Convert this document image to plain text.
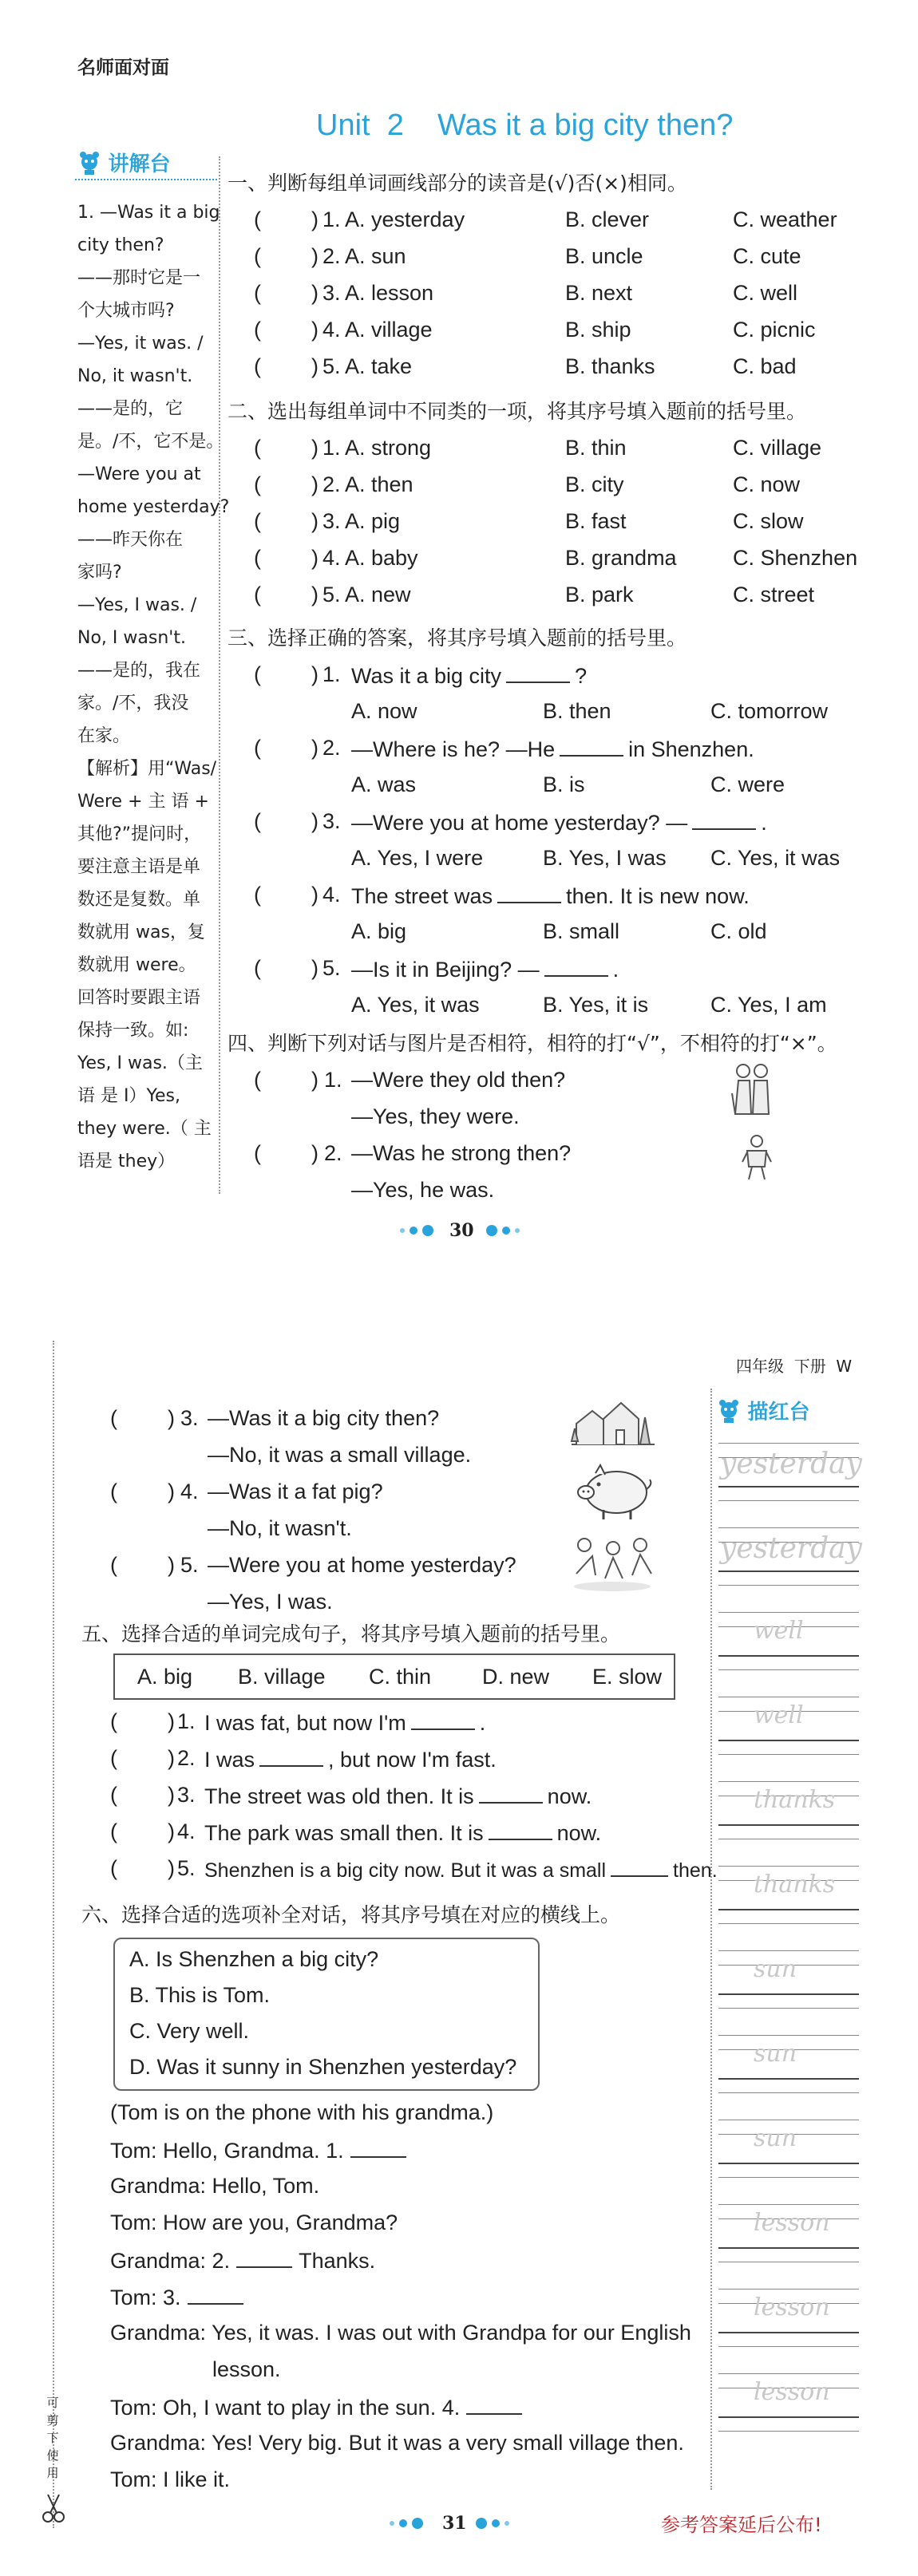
名师面对面
Unit  2    Was it a big city then?
讲解台
1. —Was it a big
city then?
——那时它是一
个大城市吗?
—Yes, it was. /
No, it wasn't.
——是的，它
是。/不，它不是。
—Were you at
home yesterday?
——昨天你在
家吗?
—Yes, I was. /
No, I wasn't.
——是的，我在
家。/不，我没
在家。
【解析】用“Was/
Were + 主 语 +
其他?”提问时，
要注意主语是单
数还是复数。单
数就用 was，复
数就用 were。
回答时要跟主语
保持一致。如:
Yes, I was.（主
语 是 I）Yes,
they were.（ 主
语是 they）
一、判断每组单词画线部分的读音是(√)否(×)相同。
二、选出每组单词中不同类的一项，将其序号填入题前的括号里。
三、选择正确的答案，将其序号填入题前的括号里。
四、判断下列对话与图片是否相符，相符的打“√”，不相符的打“×”。
30
四年级  下册  W
可剪下使用
五、选择合适的单词完成句子，将其序号填入题前的括号里。
A. big B. village C. thin D. new E. slow
六、选择合适的选项补全对话，将其序号填在对应的横线上。
A. Is Shenzhen a big city?
B. This is Tom.
C. Very well.
D. Was it sunny in Shenzhen yesterday?
(Tom is on the phone with his grandma.)
描红台
yesterday
yesterday
well
well
thanks
thanks
sun
sun
sun
lesson
lesson
lesson
31	参考答案延后公布!
( ) 1. A. yesterday	B. clever	C. weather
( ) 2. A. sun	B. uncle	C. cute
( ) 3. A. lesson	B. next	C. well
( ) 4. A. village	B. ship	C. picnic
( ) 5. A. take	B. thanks	C. bad
( ) 1. A. strong	B. thin	C. village
( ) 2. A. then	B. city	C. now
( ) 3. A. pig	B. fast	C. slow
( ) 4. A. baby	B. grandma	C. Shenzhen
( ) 5. A. new	B. park	C. street
( ) 1. Was it a big city	?
A. now	B. then	C. tomorrow
( ) 2. —Where is he? —He	in Shenzhen.
A. was	B. is	C. were
( ) 3. —Were you at home yesterday? —	.
A. Yes, I were	B. Yes, I was C. Yes, it was
( ) 4. The street was	then. It is new now.
A. big	B. small	C. old
( ) 5. —Is it in Beijing? —	.
A. Yes, it was	B. Yes, it is	C. Yes, I am
( ) 1. —Were they old then?
—Yes, they were.
( ) 2. —Was he strong then?
—Yes, he was.
( ) 3. —Was it a big city then?
—No, it was a small village.
( ) 4. —Was it a fat pig?
—No, it wasn't.
( ) 5. —Were you at home yesterday?
—Yes, I was.
( ) 1. I was fat, but now I'm	.
( ) 2. I was	, but now I'm fast.
( ) 3. The street was old then. It is	now.
( ) 4. The park was small then. It is	now.
( ) 5. Shenzhen is a big city now. But it was a small	then.
Tom: Hello, Grandma. 1.
Grandma: Hello, Tom.
Tom: How are you, Grandma?
Grandma: 2.	Thanks.
Tom: 3.
Grandma: Yes, it was. I was out with Grandpa for our English
lesson.
Tom: Oh, I want to play in the sun. 4.
Grandma: Yes! Very big. But it was a very small village then.
Tom: I like it.
